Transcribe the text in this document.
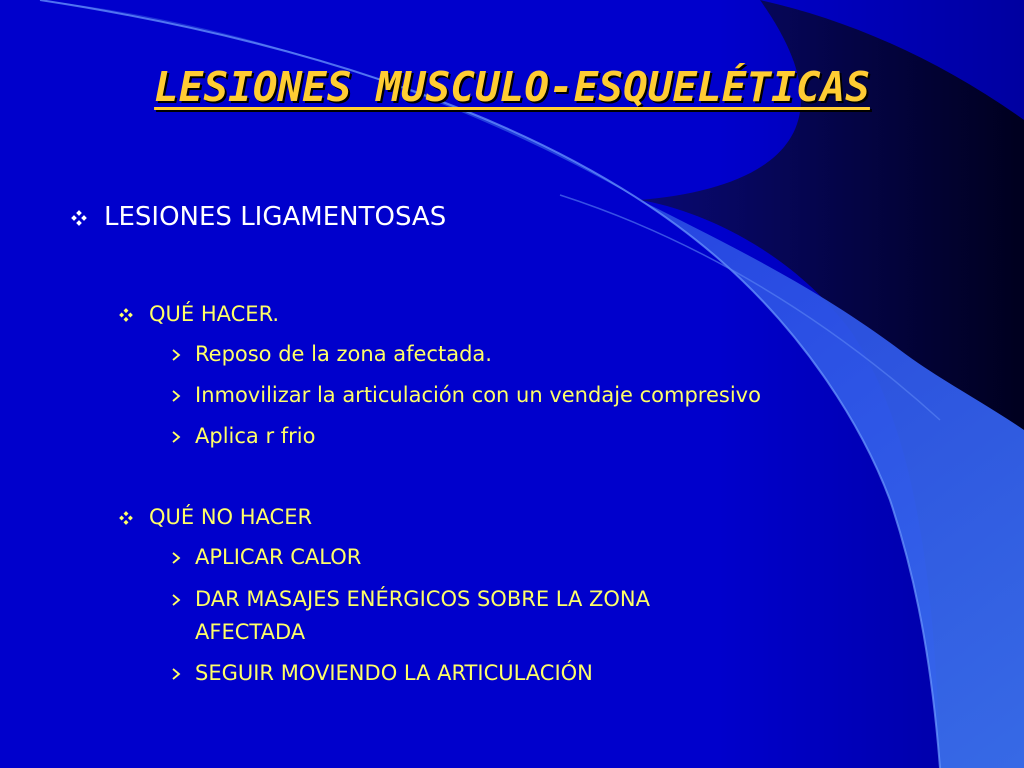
LESIONES MUSCULO-ESQUELÉTICAS
LESIONES LIGAMENTOSAS
QUÉ HACER.
Reposo de la zona afectada.
Inmovilizar la articulación con un vendaje compresivo
Aplica r frio
QUÉ NO HACER
APLICAR CALOR
DAR MASAJES ENÉRGICOS SOBRE LA ZONA
AFECTADA
SEGUIR MOVIENDO LA ARTICULACIÓN
